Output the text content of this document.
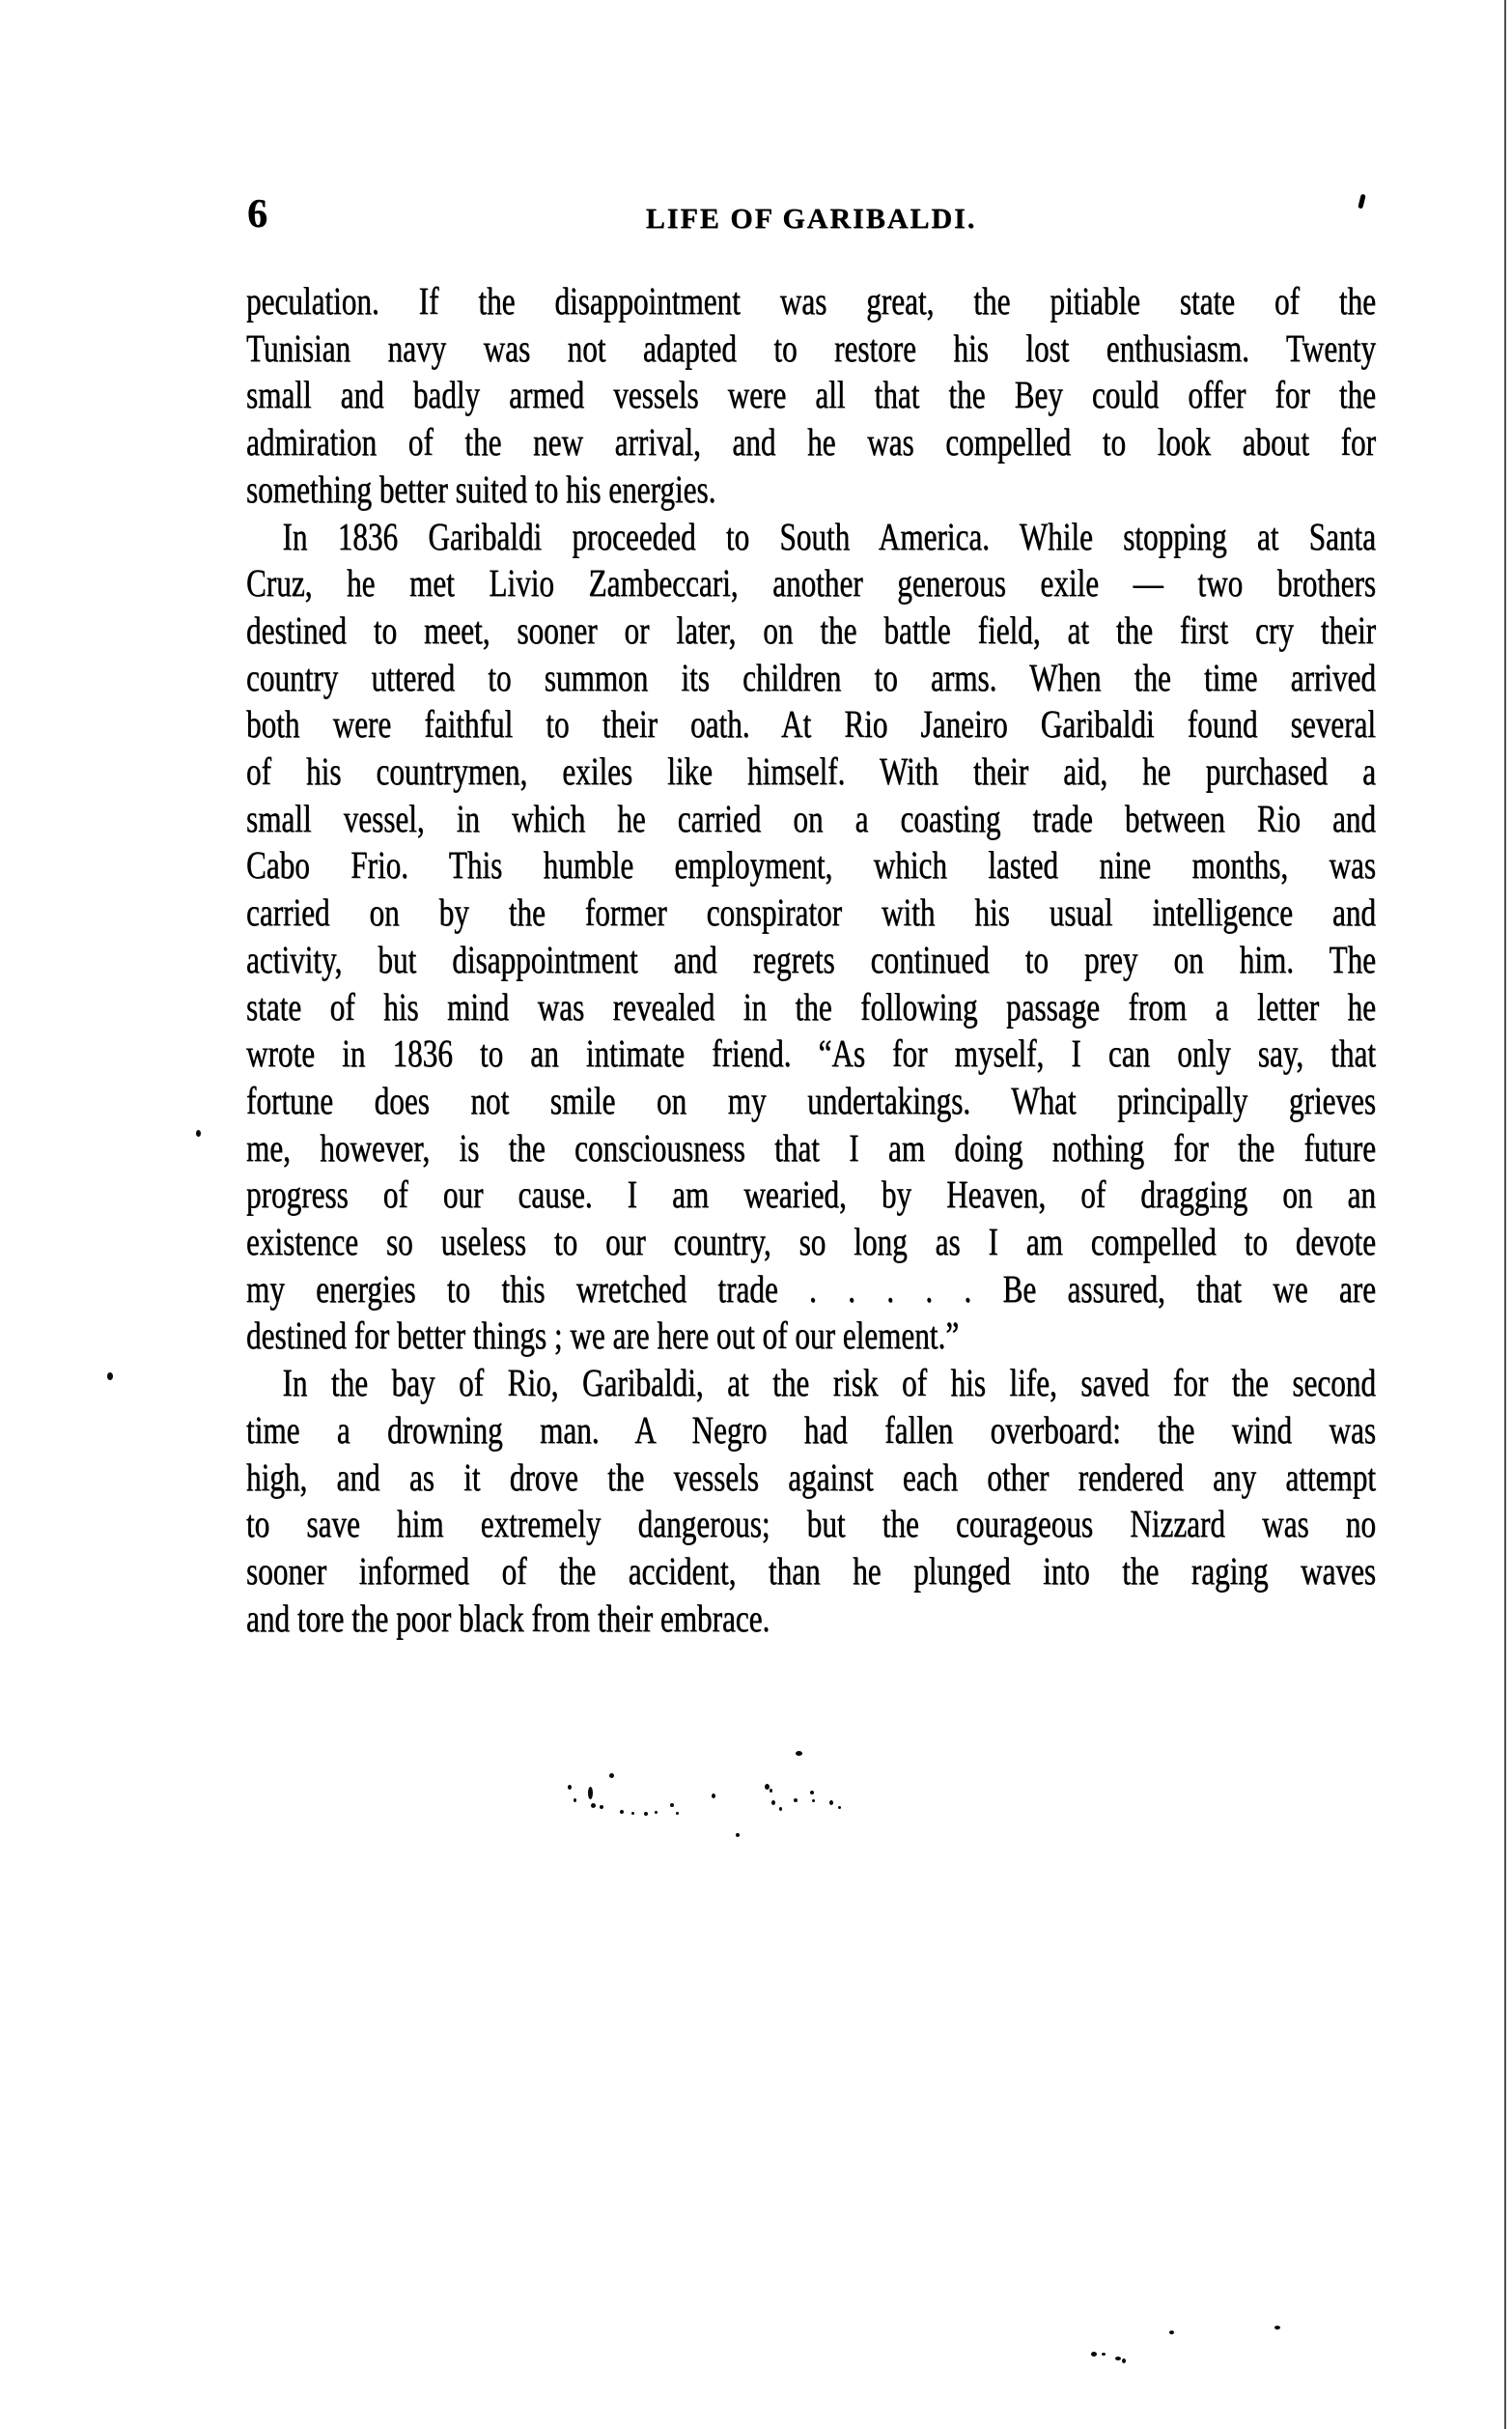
6	LIFE OF GARIBALDI.
peculation. If the disappointment was great, the pitiable state of the
Tunisian navy was not adapted to restore his lost enthusiasm. Twenty
small and badly armed vessels were all that the Bey could offer for the
admiration of the new arrival, and he was compelled to look about for
something better suited to his energies.
In 1836 Garibaldi proceeded to South America. While stopping at Santa
Cruz, he met Livio Zambeccari, another generous exile — two brothers
destined to meet, sooner or later, on the battle field, at the first cry their
country uttered to summon its children to arms. When the time arrived
both were faithful to their oath. At Rio Janeiro Garibaldi found several
of his countrymen, exiles like himself. With their aid, he purchased a
small vessel, in which he carried on a coasting trade between Rio and
Cabo Frio. This humble employment, which lasted nine months, was
carried on by the former conspirator with his usual intelligence and
activity, but disappointment and regrets continued to prey on him. The
state of his mind was revealed in the following passage from a letter he
wrote in 1836 to an intimate friend. “As for myself, I can only say, that
fortune does not smile on my undertakings. What principally grieves
me, however, is the consciousness that I am doing nothing for the future
progress of our cause. I am wearied, by Heaven, of dragging on an
existence so useless to our country, so long as I am compelled to devote
my energies to this wretched trade . . . . . Be assured, that we are
destined for better things ; we are here out of our element.”
In the bay of Rio, Garibaldi, at the risk of his life, saved for the second
time a drowning man. A Negro had fallen overboard: the wind was
high, and as it drove the vessels against each other rendered any attempt
to save him extremely dangerous; but the courageous Nizzard was no
sooner informed of the accident, than he plunged into the raging waves
and tore the poor black from their embrace.
